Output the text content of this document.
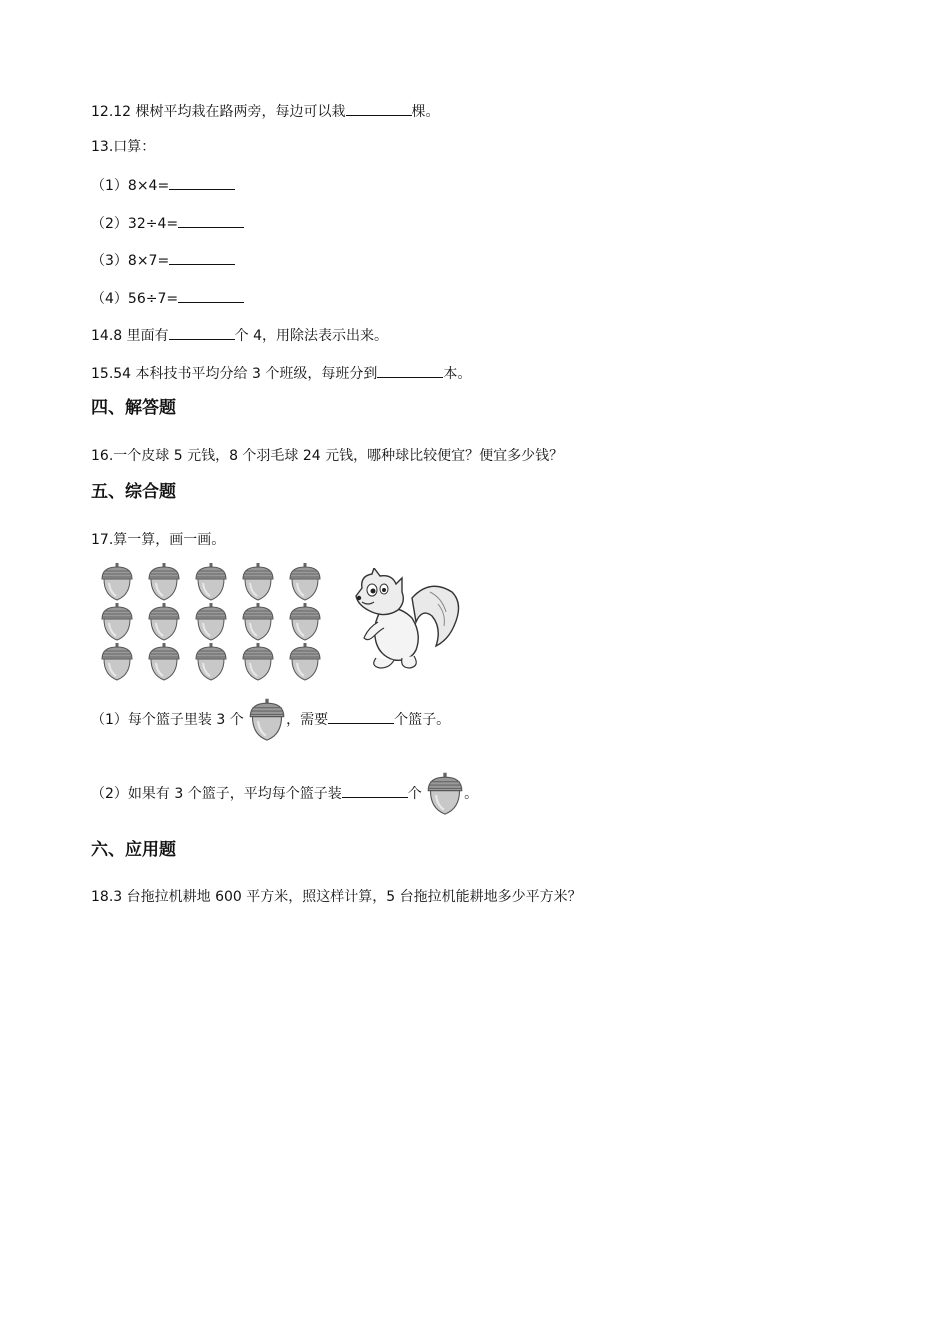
12.12 棵树平均栽在路两旁，每边可以栽	棵。
13.口算：
（1）8×4=
（2）32÷4=
（3）8×7=
（4）56÷7=
14.8 里面有	个 4，用除法表示出来。
15.54 本科技书平均分给 3 个班级，每班分到	本。
四、解答题
16.一个皮球 5 元钱，8 个羽毛球 24 元钱，哪种球比较便宜？便宜多少钱？
五、综合题
17.算一算，画一画。
（1）每个篮子里装 3 个	，需要	个篮子。
（2）如果有 3 个篮子，平均每个篮子装	个	。
六、应用题
18.3 台拖拉机耕地 600 平方米，照这样计算，5 台拖拉机能耕地多少平方米？
